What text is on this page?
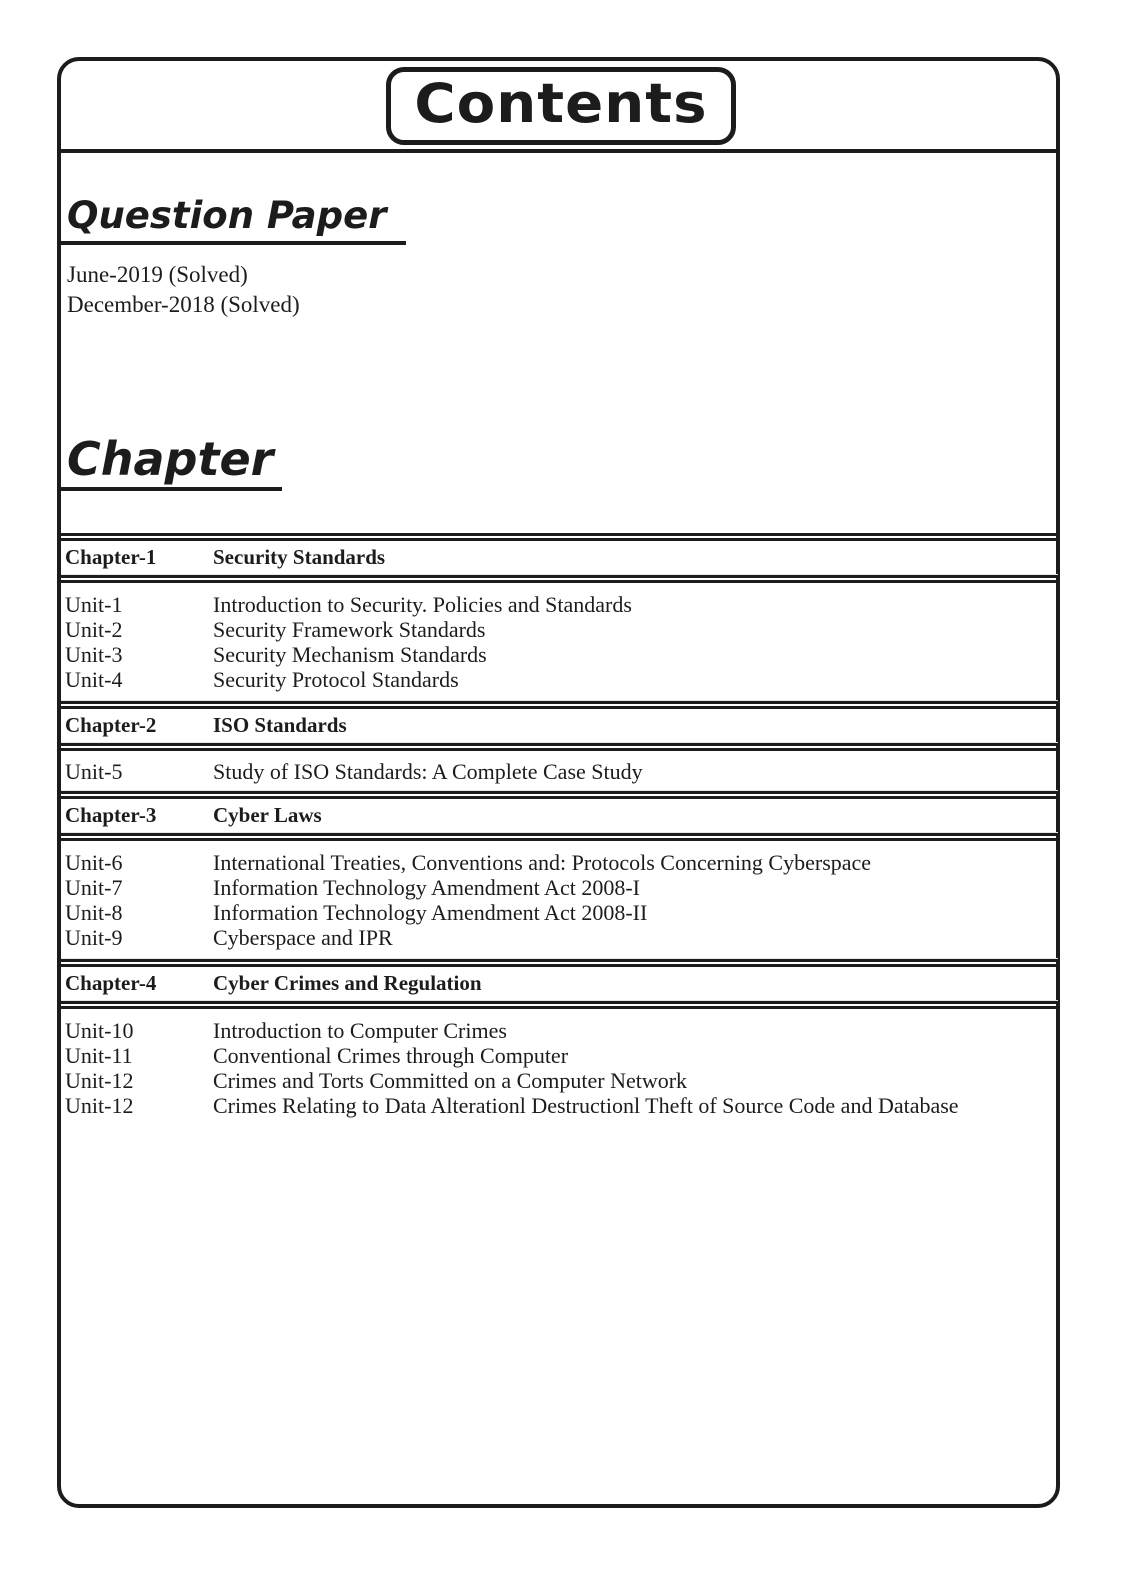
Contents
Question Paper
June-2019 (Solved)
December-2018 (Solved)
Chapter
Chapter-1	Security Standards
Unit-1	Introduction to Security. Policies and Standards
Unit-2	Security Framework Standards
Unit-3	Security Mechanism Standards
Unit-4	Security Protocol Standards
Chapter-2	ISO Standards
Unit-5	Study of ISO Standards: A Complete Case Study
Chapter-3	Cyber Laws
Unit-6	International Treaties, Conventions and: Protocols Concerning Cyberspace
Unit-7	Information Technology Amendment Act 2008-I
Unit-8	Information Technology Amendment Act 2008-II
Unit-9	Cyberspace and IPR
Chapter-4	Cyber Crimes and Regulation
Unit-10	Introduction to Computer Crimes
Unit-11	Conventional Crimes through Computer
Unit-12	Crimes and Torts Committed on a Computer Network
Unit-12	Crimes Relating to Data Alterationl Destructionl Theft of Source Code and Database
